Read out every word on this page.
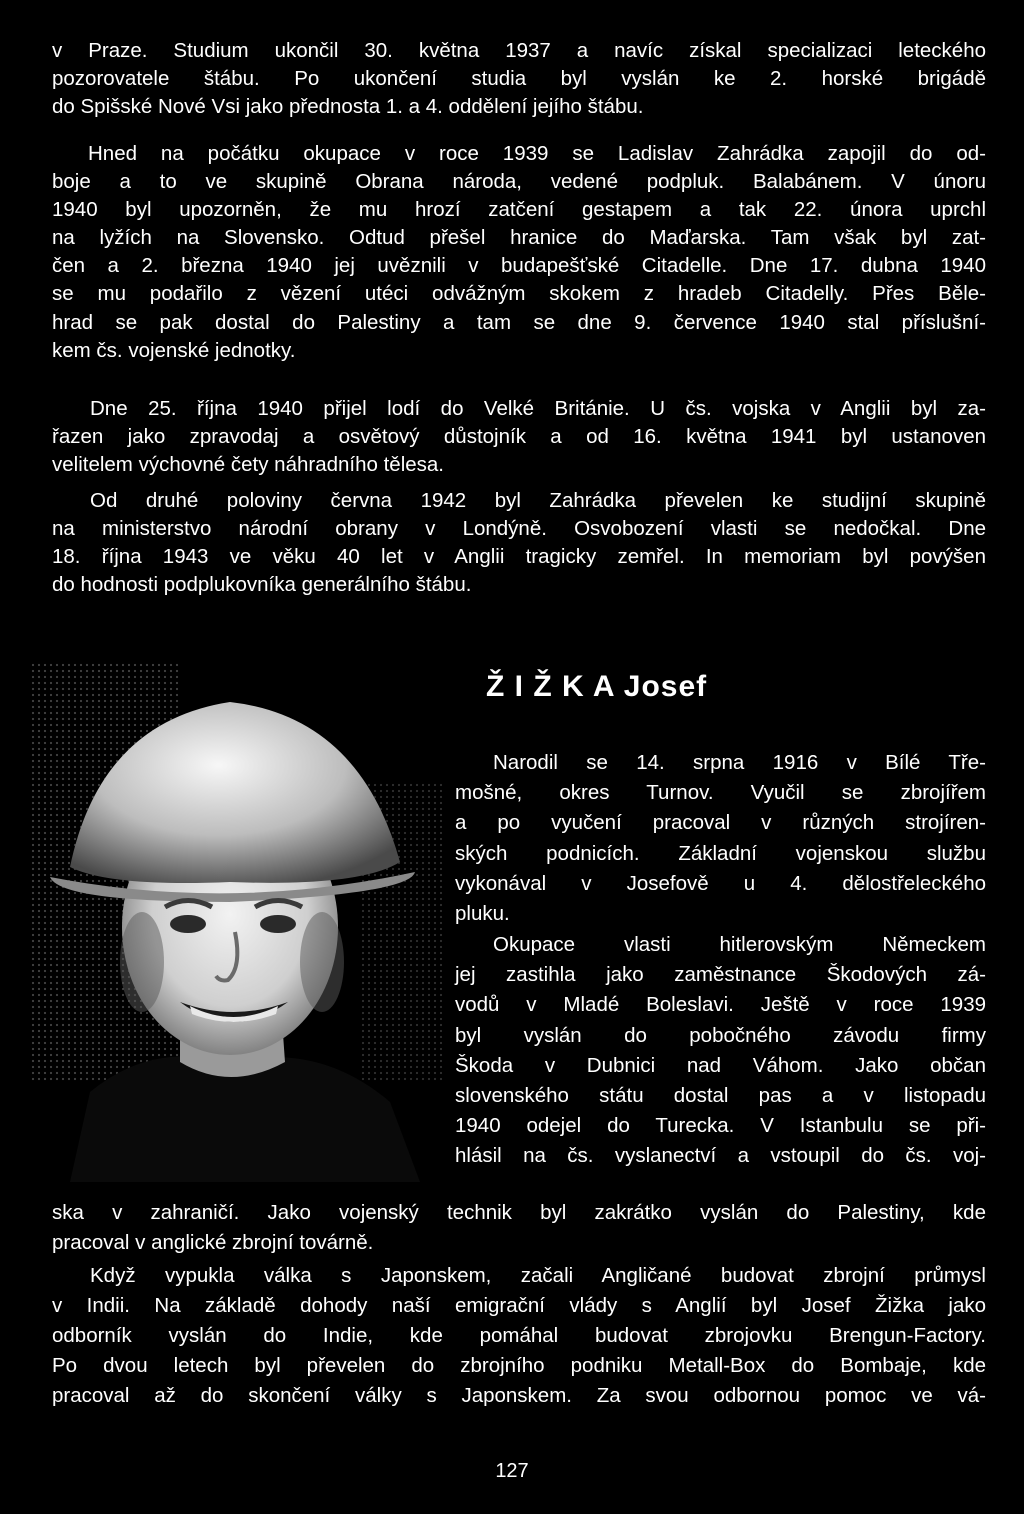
v Praze. Studium ukončil 30. května 1937 a navíc získal specializaci leteckého
pozorovatele štábu. Po ukončení studia byl vyslán ke 2. horské brigádě
do Spišské Nové Vsi jako přednosta 1. a 4. oddělení jejího štábu.
Hned na počátku okupace v roce 1939 se Ladislav Zahrádka zapojil do od-
boje a to ve skupině Obrana národa, vedené podpluk. Balabánem. V únoru
1940 byl upozorněn, že mu hrozí zatčení gestapem a tak 22. února uprchl
na lyžích na Slovensko. Odtud přešel hranice do Maďarska. Tam však byl zat-
čen a 2. března 1940 jej uvěznili v budapešťské Citadelle. Dne 17. dubna 1940
se mu podařilo z vězení utéci odvážným skokem z hradeb Citadelly. Přes Běle-
hrad se pak dostal do Palestiny a tam se dne 9. července 1940 stal příslušní-
kem čs. vojenské jednotky.
Dne 25. října 1940 přijel lodí do Velké Británie. U čs. vojska v Anglii byl za-
řazen jako zpravodaj a osvětový důstojník a od 16. května 1941 byl ustanoven
velitelem výchovné čety náhradního tělesa.
Od druhé poloviny června 1942 byl Zahrádka převelen ke studijní skupině
na ministerstvo národní obrany v Londýně. Osvobození vlasti se nedočkal. Dne
18. října 1943 ve věku 40 let v Anglii tragicky zemřel. In memoriam byl povýšen
do hodnosti podplukovníka generálního štábu.
Ž I Ž K A Josef
Narodil se 14. srpna 1916 v Bílé Tře-
mošné, okres Turnov. Vyučil se zbrojířem
a po vyučení pracoval v různých strojíren-
ských podnicích. Základní vojenskou službu
vykonával v Josefově u 4. dělostřeleckého
pluku.
Okupace vlasti hitlerovským Německem
jej zastihla jako zaměstnance Škodových zá-
vodů v Mladé Boleslavi. Ještě v roce 1939
byl vyslán do pobočného závodu firmy
Škoda v Dubnici nad Váhom. Jako občan
slovenského státu dostal pas a v listopadu
1940 odejel do Turecka. V Istanbulu se při-
hlásil na čs. vyslanectví a vstoupil do čs. voj-
ska v zahraničí. Jako vojenský technik byl zakrátko vyslán do Palestiny, kde
pracoval v anglické zbrojní továrně.
Když vypukla válka s Japonskem, začali Angličané budovat zbrojní průmysl
v Indii. Na základě dohody naší emigrační vlády s Anglií byl Josef Žižka jako
odborník vyslán do Indie, kde pomáhal budovat zbrojovku Brengun-Factory.
Po dvou letech byl převelen do zbrojního podniku Metall-Box do Bombaje, kde
pracoval až do skončení války s Japonskem. Za svou odbornou pomoc ve vá-
127
